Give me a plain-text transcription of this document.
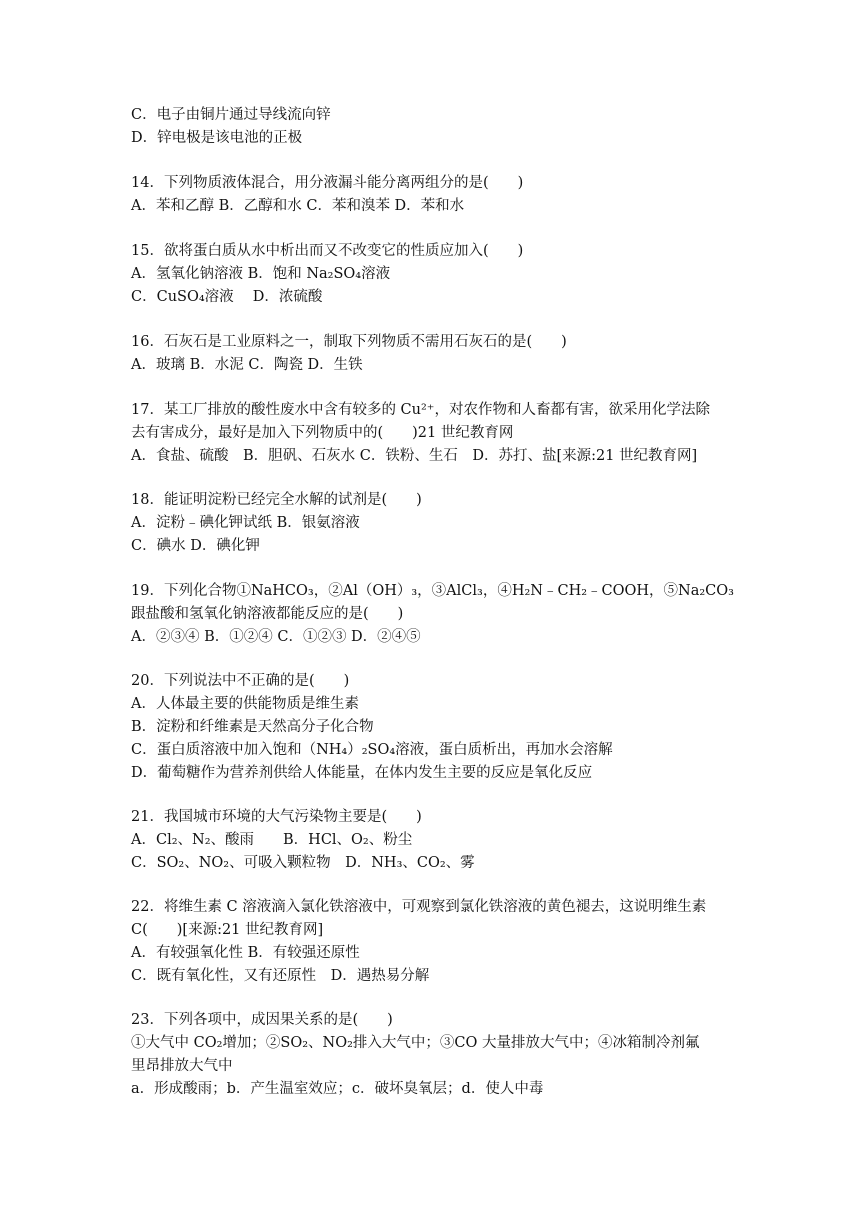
C．电子由铜片通过导线流向锌
D．锌电极是该电池的正极
14．下列物质液体混合，用分液漏斗能分离两组分的是(　　)
A．苯和乙醇 B．乙醇和水 C．苯和溴苯 D．苯和水
15．欲将蛋白质从水中析出而又不改变它的性质应加入(　　)
A．氢氧化钠溶液 B．饱和 Na₂SO₄溶液
C．CuSO₄溶液　 D．浓硫酸
16．石灰石是工业原料之一，制取下列物质不需用石灰石的是(　　)
A．玻璃 B．水泥 C．陶瓷 D．生铁
17．某工厂排放的酸性废水中含有较多的 Cu²⁺，对农作物和人畜都有害，欲采用化学法除
去有害成分，最好是加入下列物质中的(　　)21 世纪教育网
A．食盐、硫酸　B．胆矾、石灰水 C．铁粉、生石　D．苏打、盐[来源:21 世纪教育网]
18．能证明淀粉已经完全水解的试剂是(　　)
A．淀粉﹣碘化钾试纸 B．银氨溶液
C．碘水 D．碘化钾
19．下列化合物①NaHCO₃，②Al（OH）₃，③AlCl₃，④H₂N﹣CH₂﹣COOH，⑤Na₂CO₃
跟盐酸和氢氧化钠溶液都能反应的是(　　)
A．②③④ B．①②④ C．①②③ D．②④⑤
20．下列说法中不正确的是(　　)
A．人体最主要的供能物质是维生素
B．淀粉和纤维素是天然高分子化合物
C．蛋白质溶液中加入饱和（NH₄）₂SO₄溶液，蛋白质析出，再加水会溶解
D．葡萄糖作为营养剂供给人体能量，在体内发生主要的反应是氧化反应
21．我国城市环境的大气污染物主要是(　　)
A．Cl₂、N₂、酸雨　　B．HCl、O₂、粉尘
C．SO₂、NO₂、可吸入颗粒物　D．NH₃、CO₂、雾
22．将维生素 C 溶液滴入氯化铁溶液中，可观察到氯化铁溶液的黄色褪去，这说明维生素
C(　　)[来源:21 世纪教育网]
A．有较强氧化性 B．有较强还原性
C．既有氧化性，又有还原性　D．遇热易分解
23．下列各项中，成因果关系的是(　　)
①大气中 CO₂增加；②SO₂、NO₂排入大气中；③CO 大量排放大气中；④冰箱制冷剂氟
里昂排放大气中
a．形成酸雨；b．产生温室效应；c．破坏臭氧层；d．使人中毒
